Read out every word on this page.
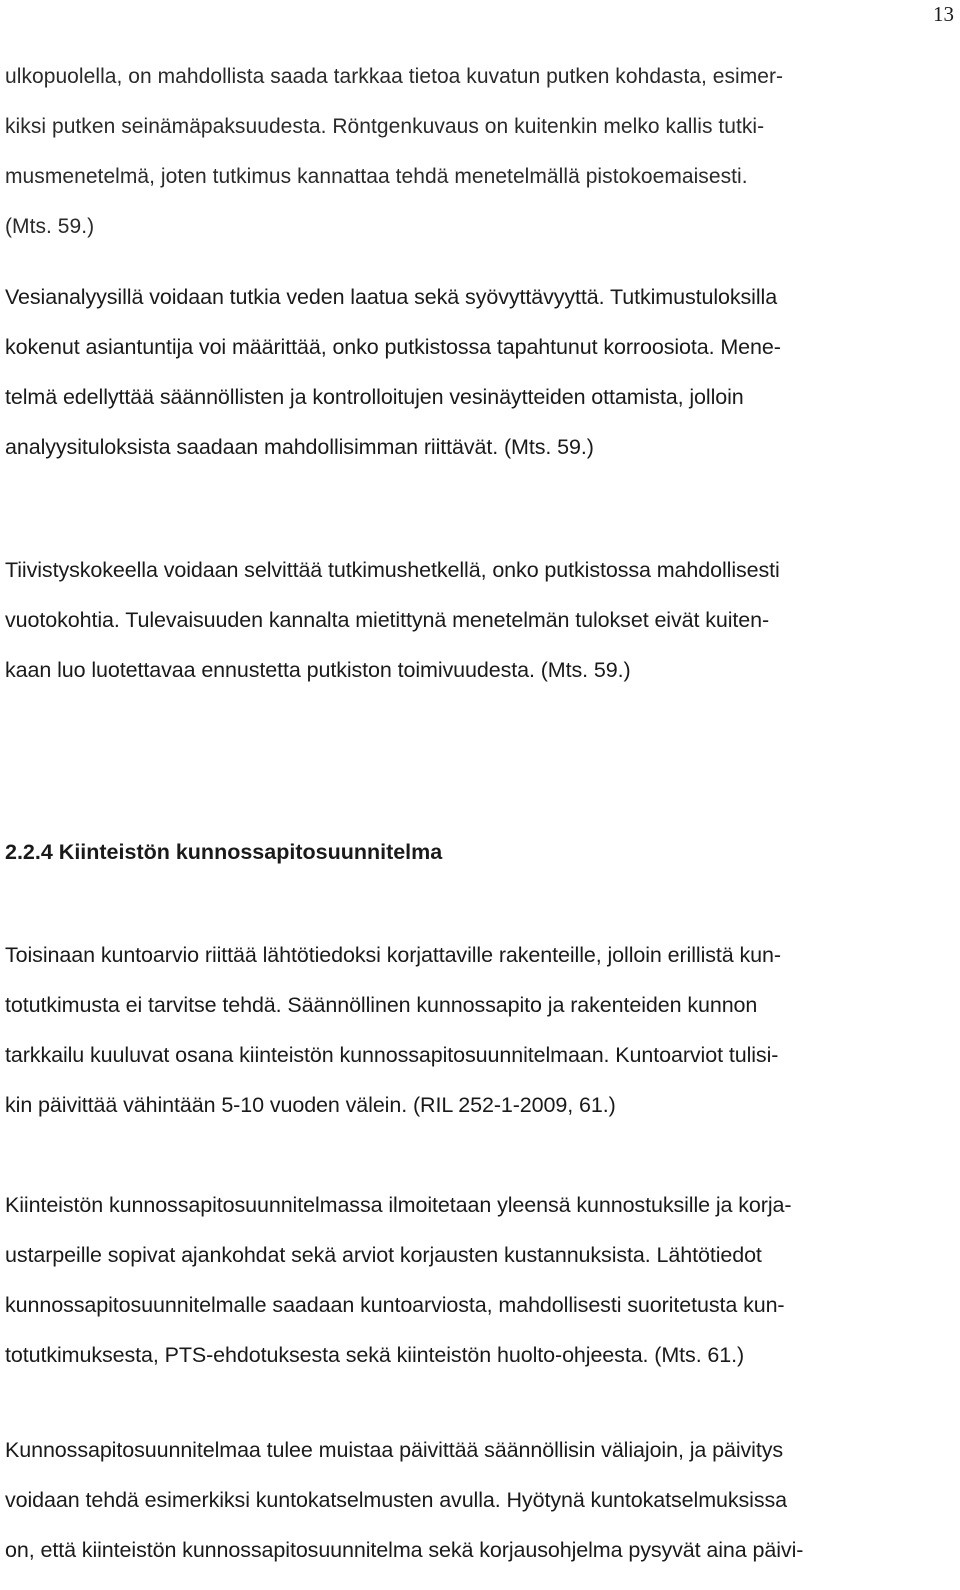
13
ulkopuolella, on mahdollista saada tarkkaa tietoa kuvatun putken kohdasta, esimer-
kiksi putken seinämäpaksuudesta. Röntgenkuvaus on kuitenkin melko kallis tutki-
musmenetelmä, joten tutkimus kannattaa tehdä menetelmällä pistokoemaisesti.
(Mts. 59.)
Vesianalyysillä voidaan tutkia veden laatua sekä syövyttävyyttä. Tutkimustuloksilla
kokenut asiantuntija voi määrittää, onko putkistossa tapahtunut korroosiota. Mene-
telmä edellyttää säännöllisten ja kontrolloitujen vesinäytteiden ottamista, jolloin
analyysituloksista saadaan mahdollisimman riittävät. (Mts. 59.)
Tiivistyskokeella voidaan selvittää tutkimushetkellä, onko putkistossa mahdollisesti
vuotokohtia. Tulevaisuuden kannalta mietittynä menetelmän tulokset eivät kuiten-
kaan luo luotettavaa ennustetta putkiston toimivuudesta. (Mts. 59.)
2.2.4 Kiinteistön kunnossapitosuunnitelma
Toisinaan kuntoarvio riittää lähtötiedoksi korjattaville rakenteille, jolloin erillistä kun-
totutkimusta ei tarvitse tehdä. Säännöllinen kunnossapito ja rakenteiden kunnon
tarkkailu kuuluvat osana kiinteistön kunnossapitosuunnitelmaan. Kuntoarviot tulisi-
kin päivittää vähintään 5-10 vuoden välein. (RIL 252-1-2009, 61.)
Kiinteistön kunnossapitosuunnitelmassa ilmoitetaan yleensä kunnostuksille ja korja-
ustarpeille sopivat ajankohdat sekä arviot korjausten kustannuksista. Lähtötiedot
kunnossapitosuunnitelmalle saadaan kuntoarviosta, mahdollisesti suoritetusta kun-
totutkimuksesta, PTS-ehdotuksesta sekä kiinteistön huolto-ohjeesta. (Mts. 61.)
Kunnossapitosuunnitelmaa tulee muistaa päivittää säännöllisin väliajoin, ja päivitys
voidaan tehdä esimerkiksi kuntokatselmusten avulla. Hyötynä kuntokatselmuksissa
on, että kiinteistön kunnossapitosuunnitelma sekä korjausohjelma pysyvät aina päivi-
